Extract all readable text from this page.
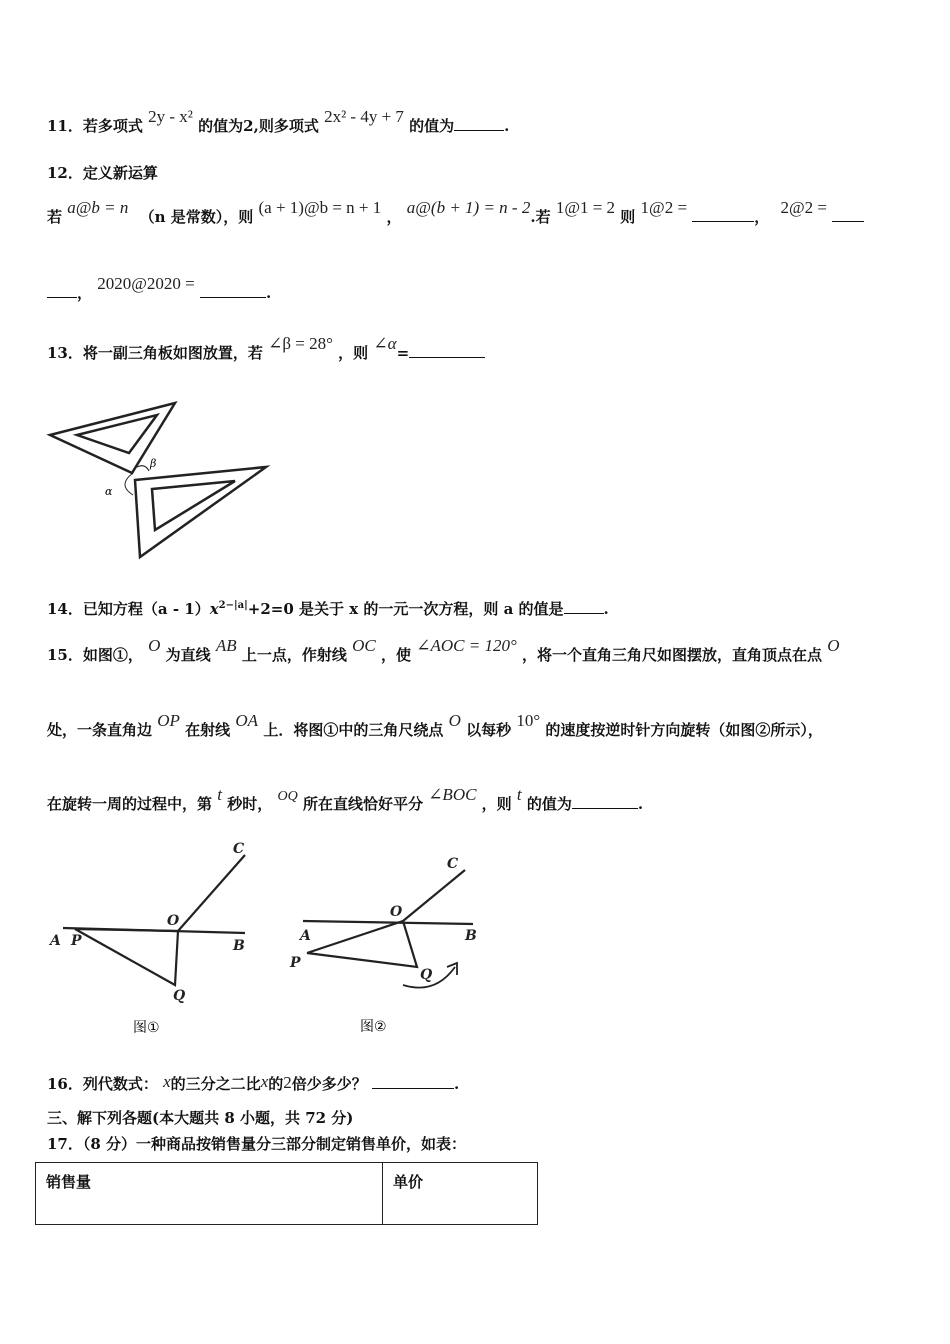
11．若多项式 2y - x² 的值为2,则多项式 2x² - 4y + 7 的值为	.
12．定义新运算
若 a@b = n （n 是常数），则 (a + 1)@b = n + 1 ， a@(b + 1) = n - 2.若 1@1 = 2 则 1@2 =	， 2@2 =
， 2020@2020 =	.
13．将一副三角板如图放置，若 ∠β = 28° ，则 ∠α=
α
β
14．已知方程$(a - 1)x^{2-|a|}+2=0$ 是关于 x 的一元一次方程，则 a 的值是	.
15．如图①， O 为直线 AB 上一点，作射线 OC ，使 ∠AOC = 120° ，将一个直角三角尺如图摆放，直角顶点在点 O
处，一条直角边 OP 在射线 OA 上．将图①中的三角尺绕点 O 以每秒 10° 的速度按逆时针方向旋转（如图②所示），
在旋转一周的过程中，第 t 秒时， OQ 所在直线恰好平分 ∠BOC ，则 t 的值为	.
A P
O
B
C
Q
图①
A
P
O
B
C
Q
图②
16．列代数式： x的三分之二比x的2倍少多少？	.
三、解下列各题(本大题共 8 小题，共 72 分)
17．（8 分）一种商品按销售量分三部分制定销售单价，如表：
销售量	单价
